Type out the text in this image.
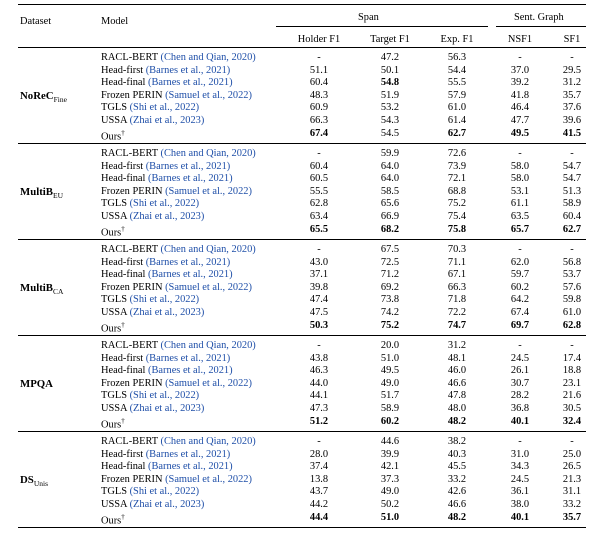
Dataset	Model	Span	Sent. Graph
Holder F1	Target F1	Exp. F1	NSF1	SF1
NoReC$_{Fine}$
RACL-BERT (Chen and Qian, 2020)	-	47.2	56.3	-	-
Head-first (Barnes et al., 2021)	51.1	50.1	54.4	37.0	29.5
Head-final (Barnes et al., 2021)	60.4	54.8	55.5	39.2	31.2
Frozen PERIN (Samuel et al., 2022)	48.3	51.9	57.9	41.8	35.7
TGLS (Shi et al., 2022)	60.9	53.2	61.0	46.4	37.6
USSA (Zhai et al., 2023)	66.3	54.3	61.4	47.7	39.6
Ours†	67.4	54.5	62.7	49.5	41.5
MultiB$_{EU}$
RACL-BERT (Chen and Qian, 2020)	-	59.9	72.6	-	-
Head-first (Barnes et al., 2021)	60.4	64.0	73.9	58.0	54.7
Head-final (Barnes et al., 2021)	60.5	64.0	72.1	58.0	54.7
Frozen PERIN (Samuel et al., 2022)	55.5	58.5	68.8	53.1	51.3
TGLS (Shi et al., 2022)	62.8	65.6	75.2	61.1	58.9
USSA (Zhai et al., 2023)	63.4	66.9	75.4	63.5	60.4
Ours†	65.5	68.2	75.8	65.7	62.7
MultiB$_{CA}$
RACL-BERT (Chen and Qian, 2020)	-	67.5	70.3	-	-
Head-first (Barnes et al., 2021)	43.0	72.5	71.1	62.0	56.8
Head-final (Barnes et al., 2021)	37.1	71.2	67.1	59.7	53.7
Frozen PERIN (Samuel et al., 2022)	39.8	69.2	66.3	60.2	57.6
TGLS (Shi et al., 2022)	47.4	73.8	71.8	64.2	59.8
USSA (Zhai et al., 2023)	47.5	74.2	72.2	67.4	61.0
Ours†	50.3	75.2	74.7	69.7	62.8
MPQA
RACL-BERT (Chen and Qian, 2020)	-	20.0	31.2	-	-
Head-first (Barnes et al., 2021)	43.8	51.0	48.1	24.5	17.4
Head-final (Barnes et al., 2021)	46.3	49.5	46.0	26.1	18.8
Frozen PERIN (Samuel et al., 2022)	44.0	49.0	46.6	30.7	23.1
TGLS (Shi et al., 2022)	44.1	51.7	47.8	28.2	21.6
USSA (Zhai et al., 2023)	47.3	58.9	48.0	36.8	30.5
Ours†	51.2	60.2	48.2	40.1	32.4
$DS_{Unis}$
RACL-BERT (Chen and Qian, 2020)	-	44.6	38.2	-	-
Head-first (Barnes et al., 2021)	28.0	39.9	40.3	31.0	25.0
Head-final (Barnes et al., 2021)	37.4	42.1	45.5	34.3	26.5
Frozen PERIN (Samuel et al., 2022)	13.8	37.3	33.2	24.5	21.3
TGLS (Shi et al., 2022)	43.7	49.0	42.6	36.1	31.1
USSA (Zhai et al., 2023)	44.2	50.2	46.6	38.0	33.2
Ours†	44.4	51.0	48.2	40.1	35.7
